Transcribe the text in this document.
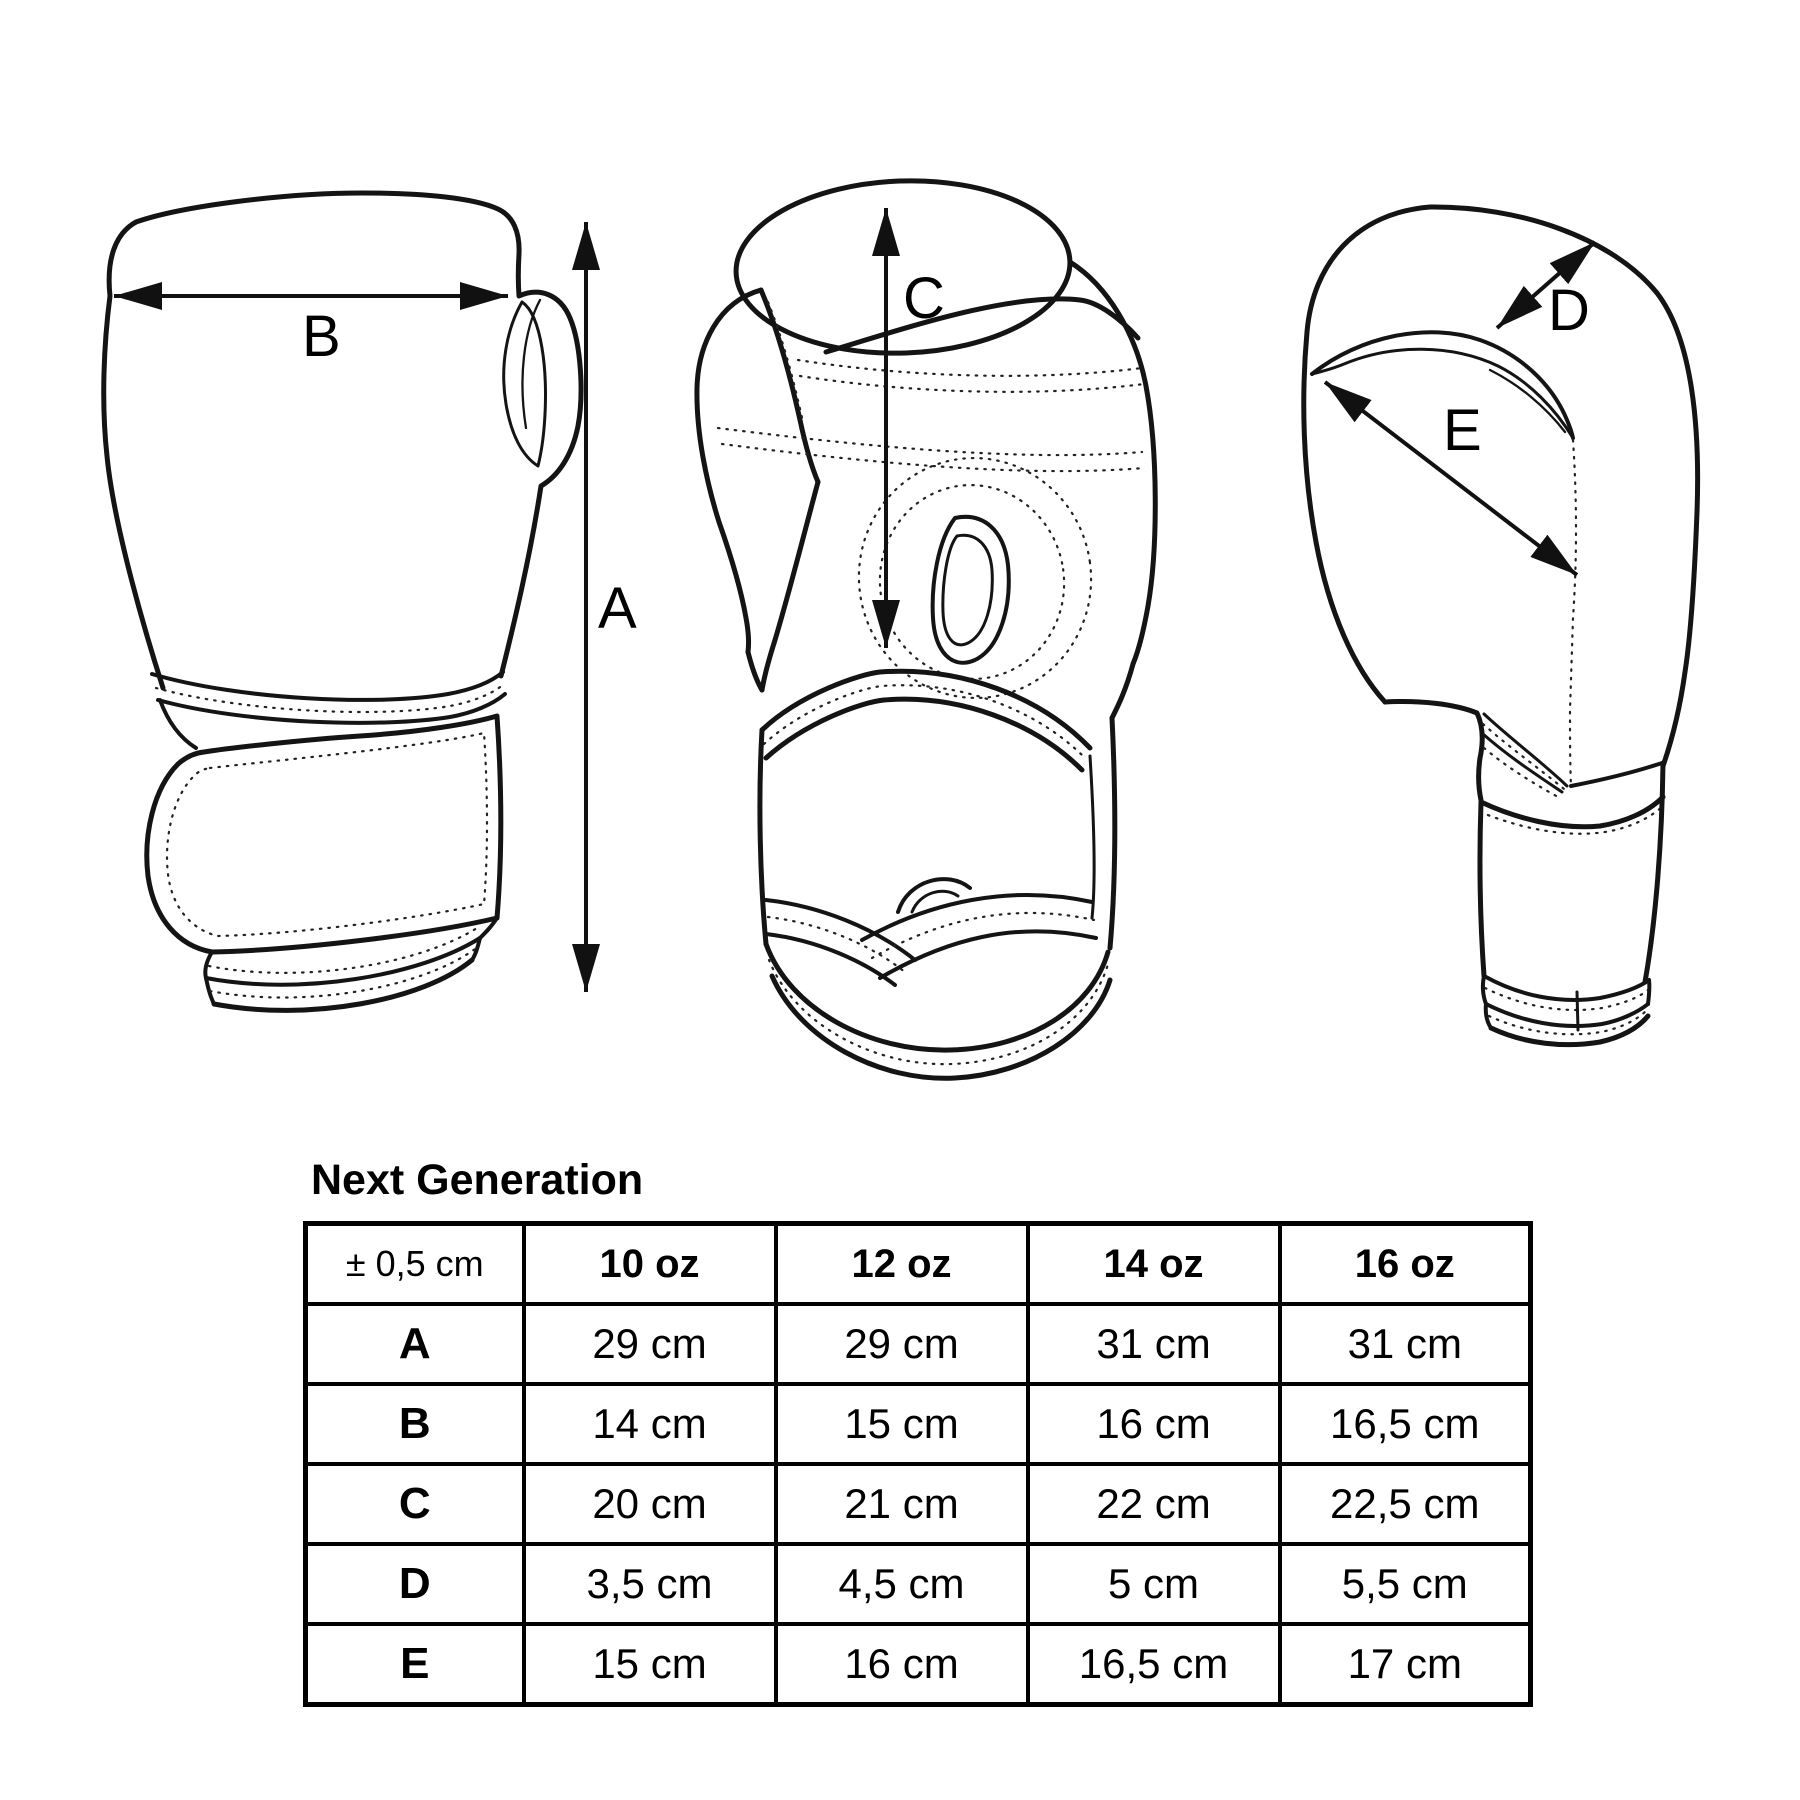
B
A
C	D
E
Next Generation
± 0,5 cm	10 oz	12 oz	14 oz	16 oz
A	29 cm	29 cm	31 cm	31 cm
B	14 cm	15 cm	16 cm	16,5 cm
C	20 cm	21 cm	22 cm	22,5 cm
D	3,5 cm	4,5 cm	5 cm	5,5 cm
E	15 cm	16 cm	16,5 cm	17 cm
